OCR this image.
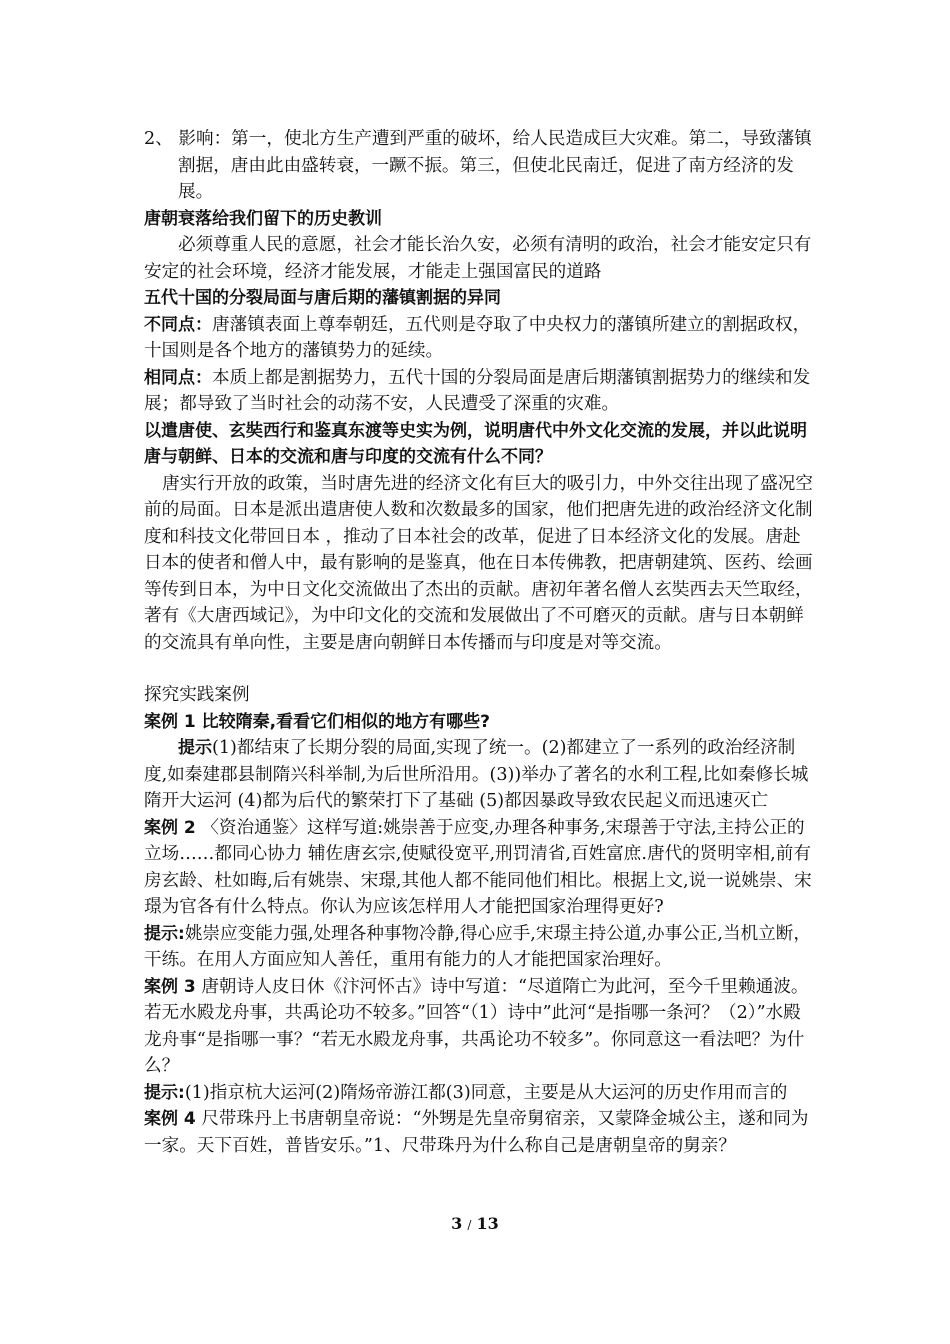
2、 影响：第一，使北方生产遭到严重的破坏，给人民造成巨大灾难。第二，导致藩镇割据，唐由此由盛转衰，一蹶不振。第三，但使北民南迁，促进了南方经济的发展。

唐朝衰落给我们留下的历史教训

必须尊重人民的意愿，社会才能长治久安，必须有清明的政治，社会才能安定只有安定的社会环境，经济才能发展，才能走上强国富民的道路

五代十国的分裂局面与唐后期的藩镇割据的异同

不同点：唐藩镇表面上尊奉朝廷，五代则是夺取了中央权力的藩镇所建立的割据政权，十国则是各个地方的藩镇势力的延续。

相同点：本质上都是割据势力，五代十国的分裂局面是唐后期藩镇割据势力的继续和发展；都导致了当时社会的动荡不安，人民遭受了深重的灾难。

以遣唐使、玄奘西行和鉴真东渡等史实为例，说明唐代中外文化交流的发展，并以此说明唐与朝鲜、日本的交流和唐与印度的交流有什么不同？

唐实行开放的政策，当时唐先进的经济文化有巨大的吸引力，中外交往出现了盛况空前的局面。日本是派出遣唐使人数和次数最多的国家，他们把唐先进的政治经济文化制度和科技文化带回日本 ，推动了日本社会的改革，促进了日本经济文化的发展。唐赴日本的使者和僧人中，最有影响的是鉴真，他在日本传佛教，把唐朝建筑、医药、绘画等传到日本，为中日文化交流做出了杰出的贡献。唐初年著名僧人玄奘西去天竺取经，著有《大唐西域记》，为中印文化的交流和发展做出了不可磨灭的贡献。唐与日本朝鲜的交流具有单向性，主要是唐向朝鲜日本传播而与印度是对等交流。

探究实践案例

案例 1 比较隋秦,看看它们相似的地方有哪些?

提示(1)都结束了长期分裂的局面,实现了统一。(2)都建立了一系列的政治经济制度,如秦建郡县制隋兴科举制,为后世所沿用。(3))举办了著名的水利工程,比如秦修长城隋开大运河 (4)都为后代的繁荣打下了基础 (5)都因暴政导致农民起义而迅速灭亡

案例 2 〈资治通鉴〉这样写道:姚崇善于应变,办理各种事务,宋璟善于守法,主持公正的立场……都同心协力 辅佐唐玄宗,使赋役宽平,刑罚清省,百姓富庶.唐代的贤明宰相,前有房玄龄、杜如晦,后有姚崇、宋璟,其他人都不能同他们相比。根据上文,说一说姚崇、宋璟为官各有什么特点。你认为应该怎样用人才能把国家治理得更好?

提示:姚崇应变能力强,处理各种事物冷静,得心应手,宋璟主持公道,办事公正,当机立断，干练。在用人方面应知人善任，重用有能力的人才能把国家治理好。

案例 3 唐朝诗人皮日休《汴河怀古》诗中写道：“尽道隋亡为此河，至今千里赖通波。若无水殿龙舟事，共禹论功不较多。”回答“（1）诗中”此河“是指哪一条河？（2）”水殿龙舟事“是指哪一事？“若无水殿龙舟事，共禹论功不较多”。你同意这一看法吧？为什么？

提示:(1)指京杭大运河(2)隋炀帝游江都(3)同意，主要是从大运河的历史作用而言的

案例 4 尺带珠丹上书唐朝皇帝说：“外甥是先皇帝舅宿亲，又蒙降金城公主，遂和同为一家。天下百姓，普皆安乐。”1、尺带珠丹为什么称自己是唐朝皇帝的舅亲？

3 / 13
